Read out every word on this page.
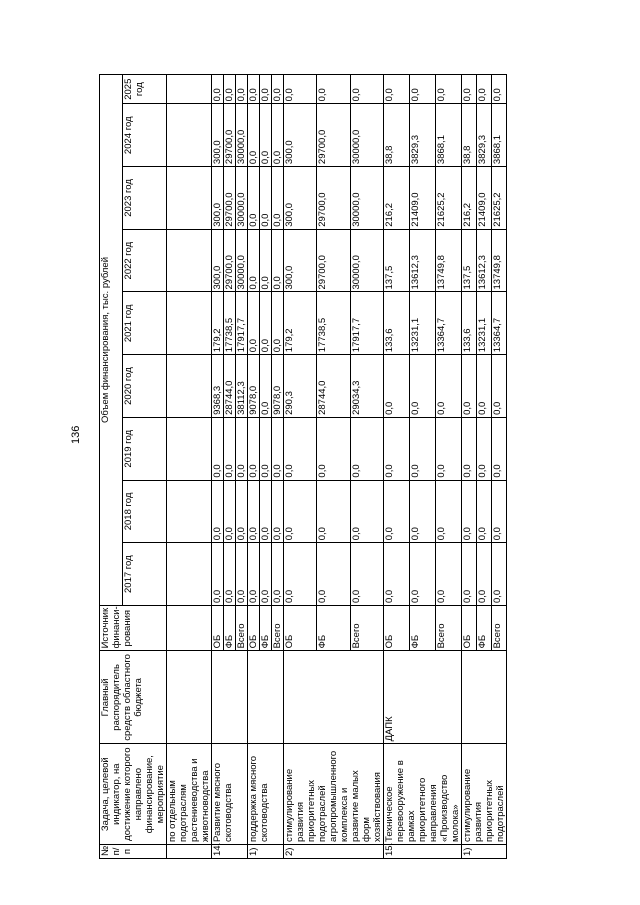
136
№ п/п	Задача, целевой индикатор, на достижение которого направлено финансирование, мероприятие	Главный распорядитель средств областного бюджета	Источник финанси-рования	Объем финансирования, тыс. рублей								
				2017 год	2018 год	2019 год	2020 год	2021 год	2022 год	2023 год	2024 год	2025 год
	по отдельным подотраслям растениеводства и животноводства											
14.	Развитие мясного скотоводства		ОБ	0,0	0,0	0,0	9368,3	179,2	300,0	300,0	300,0	0,0
			ФБ	0,0	0,0	0,0	28744,0	17738,5	29700,0	29700,0	29700,0	0,0
			Всего	0,0	0,0	0,0	38112,3	17917,7	30000,0	30000,0	30000,0	0,0
1)	поддержка мясного скотоводства		ОБ	0,0	0,0	0,0	9078,0	0,0	0,0	0,0	0,0	0,0
			ФБ	0,0	0,0	0,0	0,0	0,0	0,0	0,0	0,0	0,0
			Всего	0,0	0,0	0,0	9078,0	0,0	0,0	0,0	0,0	0,0
2)	стимулирование развития приоритетных подотраслей агропромышленного комплекса и развитие малых форм хозяйствования		ОБ	0,0	0,0	0,0	290,3	179,2	300,0	300,0	300,0	0,0
			ФБ	0,0	0,0	0,0	28744,0	17738,5	29700,0	29700,0	29700,0	0,0
			Всего	0,0	0,0	0,0	29034,3	17917,7	30000,0	30000,0	30000,0	0,0
15.	Техническое перевооружение в рамках приоритетного направления «Производство молока»	ДАПК	ОБ	0,0	0,0	0,0	0,0	133,6	137,5	216,2	38,8	0,0
			ФБ	0,0	0,0	0,0	0,0	13231,1	13612,3	21409,0	3829,3	0,0
			Всего	0,0	0,0	0,0	0,0	13364,7	13749,8	21625,2	3868,1	0,0
1)	стимулирование развития приоритетных подотраслей		ОБ	0,0	0,0	0,0	0,0	133,6	137,5	216,2	38,8	0,0
			ФБ	0,0	0,0	0,0	0,0	13231,1	13612,3	21409,0	3829,3	0,0
			Всего	0,0	0,0	0,0	0,0	13364,7	13749,8	21625,2	3868,1	0,0
